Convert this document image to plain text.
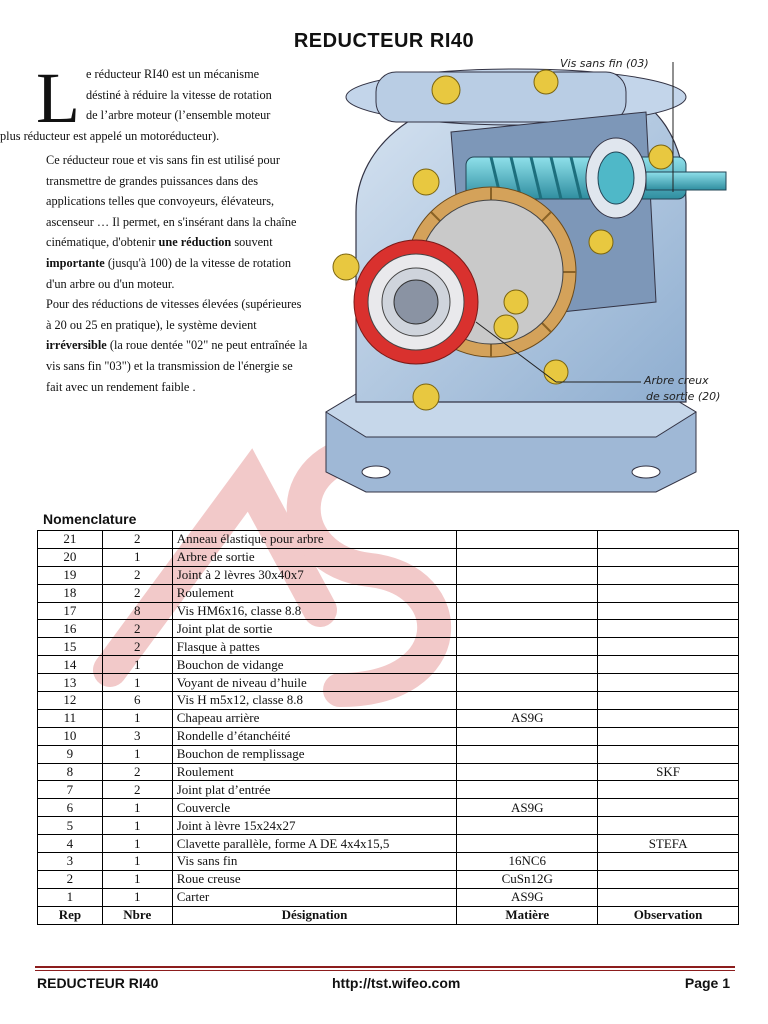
REDUCTEUR RI40
L e réducteur RI40 est un mécanisme

déstiné à réduire la vitesse de rotation

de l’arbre moteur (l’ensemble moteur

plus réducteur est appelé un motoréducteur).

Ce réducteur roue et vis sans fin est utilisé pour transmettre de grandes puissances dans des applications telles que convoyeurs, élévateurs, ascenseur … Il permet, en s'insérant dans la chaîne cinématique, d'obtenir une réduction souvent importante (jusqu'à 100) de la vitesse de rotation d'un arbre ou d'un moteur.

Pour des réductions de vitesses élevées (supérieures à 20 ou 25 en pratique), le système devient irréversible (la roue dentée "02" ne peut entraînée la vis sans fin "03") et la transmission de l'énergie se fait avec un rendement faible .

Vis sans fin (03)
Arbre creux
de sortie (20)
Nomenclature
21	2	Anneau élastique pour arbre		
20	1	Arbre de sortie		
19	2	Joint à 2 lèvres 30x40x7		
18	2	Roulement		
17	8	Vis HM6x16, classe 8.8		
16	2	Joint plat de sortie		
15	2	Flasque à pattes		
14	1	Bouchon de vidange		
13	1	Voyant de niveau d’huile		
12	6	Vis H m5x12, classe 8.8		
11	1	Chapeau arrière	AS9G	
10	3	Rondelle d’étanchéité		
9	1	Bouchon de remplissage		
8	2	Roulement		SKF
7	2	Joint plat d’entrée		
6	1	Couvercle	AS9G	
5	1	Joint à lèvre 15x24x27		
4	1	Clavette parallèle, forme A DE 4x4x15,5		STEFA
3	1	Vis sans fin	16NC6	
2	1	Roue creuse	CuSn12G	
1	1	Carter	AS9G	
Rep	Nbre	Désignation	Matière	Observation
REDUCTEUR RI40	http://tst.wifeo.com	Page 1
